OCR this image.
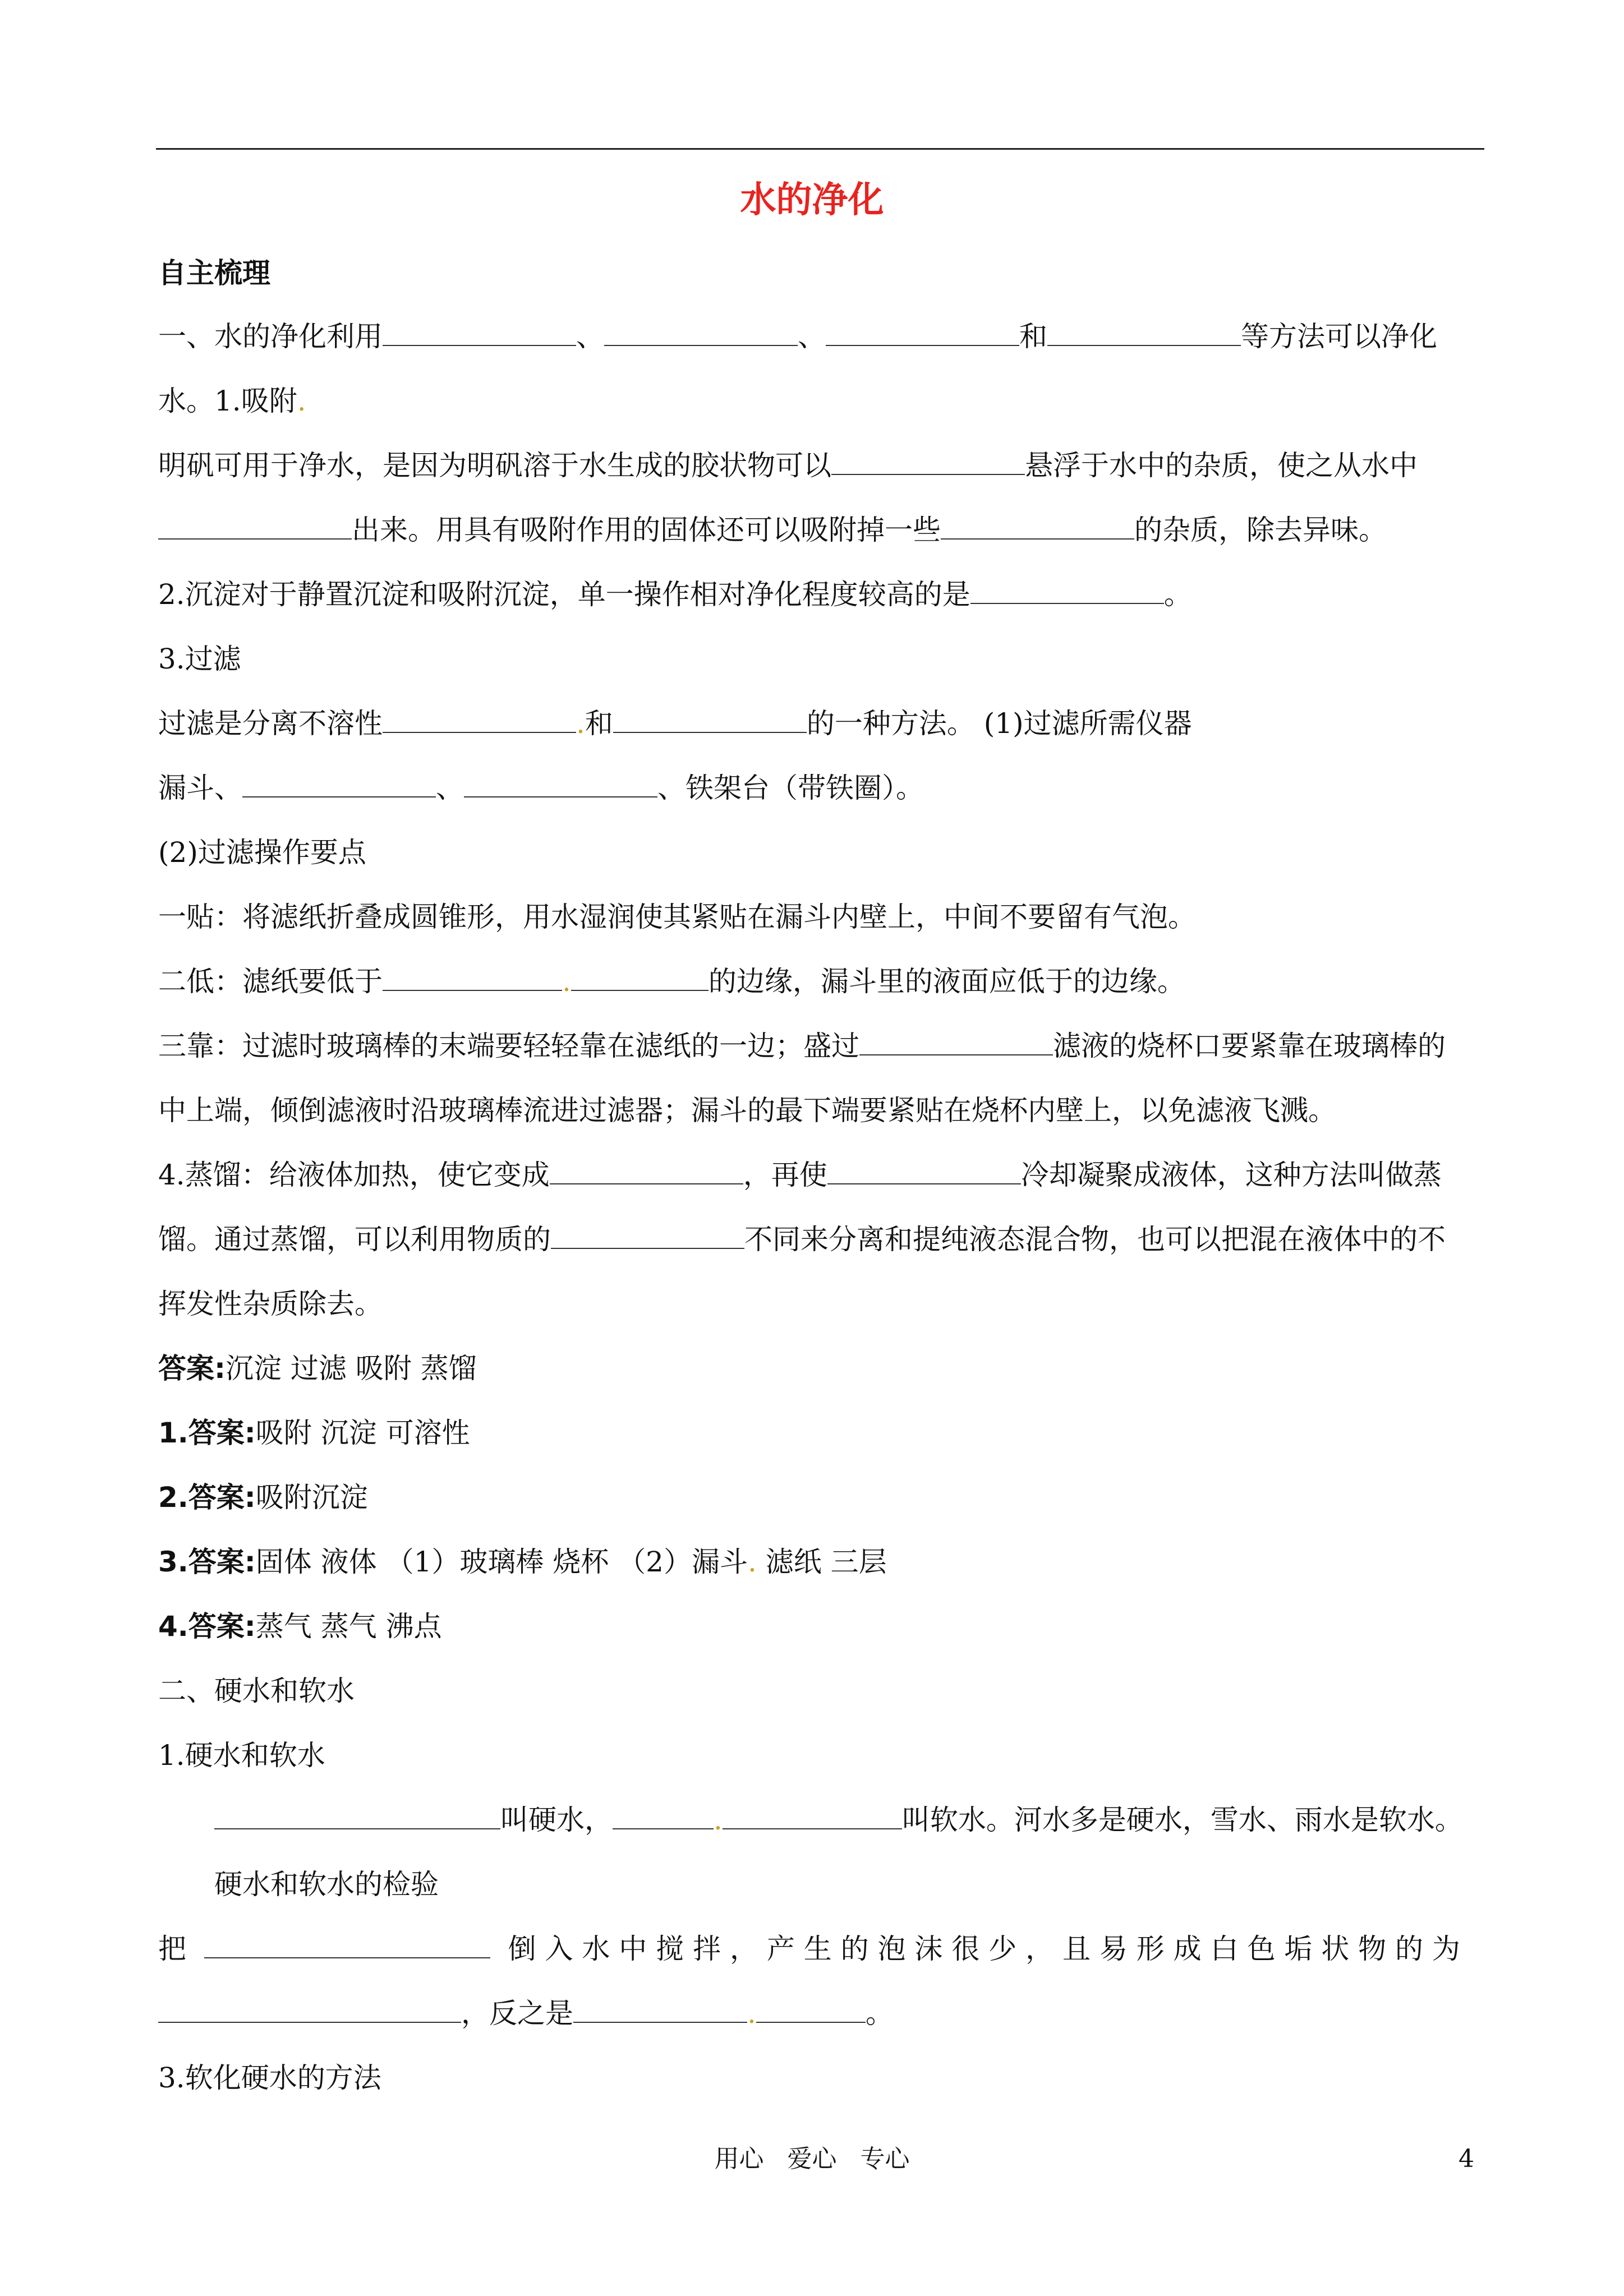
水的净化
自主梳理
一、水的净化利用	、	、	和	等方法可以净化
水。1.吸附.
明矾可用于净水，是因为明矾溶于水生成的胶状物可以	悬浮于水中的杂质，使之从水中
出来。用具有吸附作用的固体还可以吸附掉一些	的杂质，除去异味。
2.沉淀对于静置沉淀和吸附沉淀，单一操作相对净化程度较高的是	。
3.过滤
过滤是分离不溶性	.和	的一种方法。 (1)过滤所需仪器
漏斗、	、	、铁架台（带铁圈）。
(2)过滤操作要点
一贴：将滤纸折叠成圆锥形，用水湿润使其紧贴在漏斗内壁上，中间不要留有气泡。
二低：滤纸要低于	.	的边缘，漏斗里的液面应低于的边缘。
三靠：过滤时玻璃棒的末端要轻轻靠在滤纸的一边；盛过	滤液的烧杯口要紧靠在玻璃棒的
中上端，倾倒滤液时沿玻璃棒流进过滤器；漏斗的最下端要紧贴在烧杯内壁上，以免滤液飞溅。
4.蒸馏：给液体加热，使它变成	，再使	冷却凝聚成液体，这种方法叫做蒸
馏。通过蒸馏，可以利用物质的	不同来分离和提纯液态混合物，也可以把混在液体中的不
挥发性杂质除去。
答案:沉淀 过滤 吸附 蒸馏
1.答案:吸附 沉淀 可溶性
2.答案:吸附沉淀
3.答案:固体 液体 （1）玻璃棒 烧杯 （2）漏斗. 滤纸 三层
4.答案:蒸气 蒸气 沸点
二、硬水和软水
1.硬水和软水
叫硬水，	.	叫软水。河水多是硬水，雪水、雨水是软水。
硬水和软水的检验
把	倒 入 水 中 搅 拌 ， 产 生 的 泡 沫 很 少 ， 且 易 形 成 白 色 垢 状 物 的 为
，反之是	.	。
3.软化硬水的方法
用心   爱心   专心	4
